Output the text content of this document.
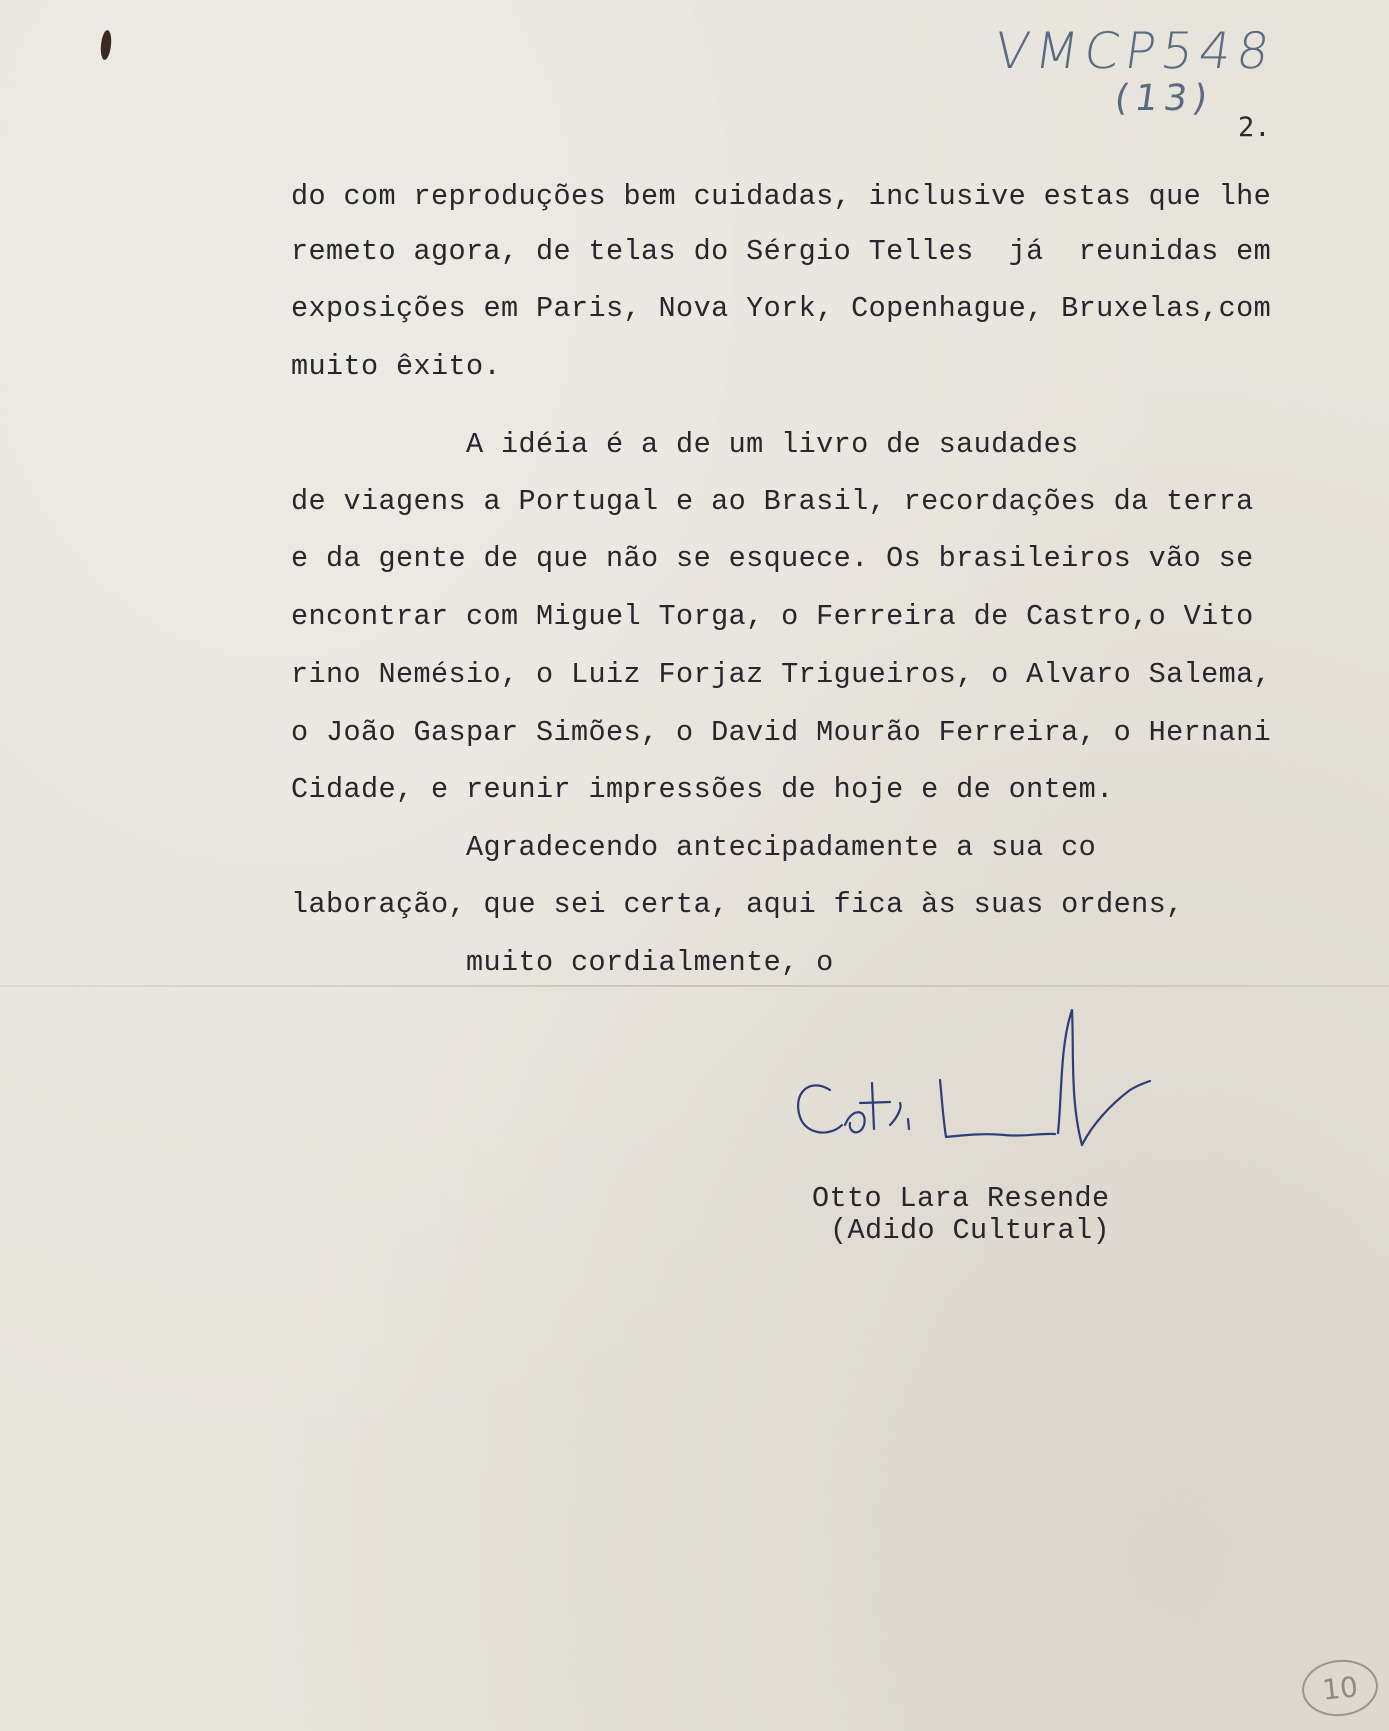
VMCP548
(13)
2.
do com reproduções bem cuidadas, inclusive estas que lhe
remeto agora, de telas do Sérgio Telles  já  reunidas em
exposições em Paris, Nova York, Copenhague, Bruxelas,com
muito êxito.
A idéia é a de um livro de saudades
de viagens a Portugal e ao Brasil, recordações da terra
e da gente de que não se esquece. Os brasileiros vão se
encontrar com Miguel Torga, o Ferreira de Castro,o Vito
rino Nemésio, o Luiz Forjaz Trigueiros, o Alvaro Salema,
o João Gaspar Simões, o David Mourão Ferreira, o Hernani
Cidade, e reunir impressões de hoje e de ontem.
Agradecendo antecipadamente a sua co
laboração, que sei certa, aqui fica às suas ordens,
muito cordialmente, o
Otto Lara Resende
(Adido Cultural)
10
